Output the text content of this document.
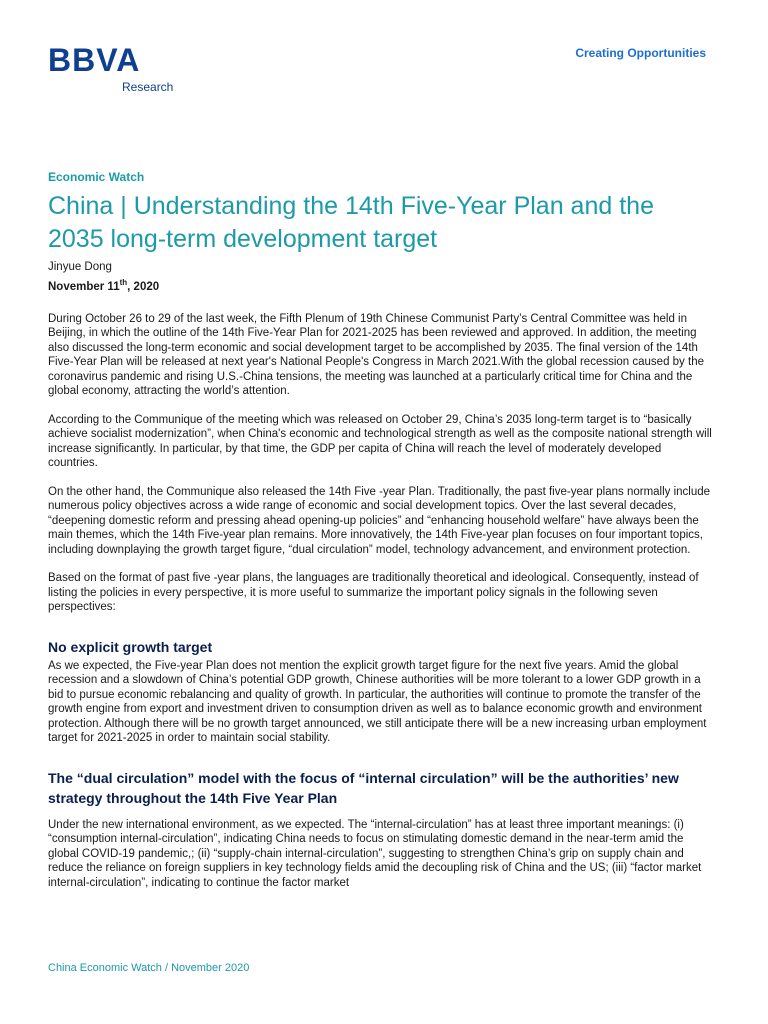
BBVA
Research
Creating Opportunities
Economic Watch
China | Understanding the 14th Five-Year Plan and the 2035 long-term development target
Jinyue Dong
November 11th, 2020

During October 26 to 29 of the last week, the Fifth Plenum of 19th Chinese Communist Party’s Central Committee was held in Beijing, in which the outline of the 14th Five-Year Plan for 2021-2025 has been reviewed and approved. In addition, the meeting also discussed the long-term economic and social development target to be accomplished by 2035. The final version of the 14th Five-Year Plan will be released at next year's National People's Congress in March 2021.With the global recession caused by the coronavirus pandemic and rising U.S.-China tensions, the meeting was launched at a particularly critical time for China and the global economy, attracting the world’s attention.

According to the Communique of the meeting which was released on October 29, China’s 2035 long-term target is to “basically achieve socialist modernization”, when China's economic and technological strength as well as the composite national strength will increase significantly. In particular, by that time, the GDP per capita of China will reach the level of moderately developed countries.

On the other hand, the Communique also released the 14th Five -year Plan. Traditionally, the past five-year plans normally include numerous policy objectives across a wide range of economic and social development topics. Over the last several decades, “deepening domestic reform and pressing ahead opening-up policies” and “enhancing household welfare” have always been the main themes, which the 14th Five-year plan remains. More innovatively, the 14th Five-year plan focuses on four important topics, including downplaying the growth target figure, “dual circulation” model, technology advancement, and environment protection.

Based on the format of past five -year plans, the languages are traditionally theoretical and ideological. Consequently, instead of listing the policies in every perspective, it is more useful to summarize the important policy signals in the following seven perspectives:

No explicit growth target

As we expected, the Five-year Plan does not mention the explicit growth target figure for the next five years. Amid the global recession and a slowdown of China’s potential GDP growth, Chinese authorities will be more tolerant to a lower GDP growth in a bid to pursue economic rebalancing and quality of growth. In particular, the authorities will continue to promote the transfer of the growth engine from export and investment driven to consumption driven as well as to balance economic growth and environment protection. Although there will be no growth target announced, we still anticipate there will be a new increasing urban employment target for 2021-2025 in order to maintain social stability.

The “dual circulation” model with the focus of “internal circulation” will be the authorities’ new strategy throughout the 14th Five Year Plan

Under the new international environment, as we expected. The “internal-circulation” has at least three important meanings: (i) “consumption internal-circulation”, indicating China needs to focus on stimulating domestic demand in the near-term amid the global COVID-19 pandemic,; (ii) “supply-chain internal-circulation”, suggesting to strengthen China’s grip on supply chain and reduce the reliance on foreign suppliers in key technology fields amid the decoupling risk of China and the US; (iii) “factor market internal-circulation”, indicating to continue the factor market

China Economic Watch / November 2020
